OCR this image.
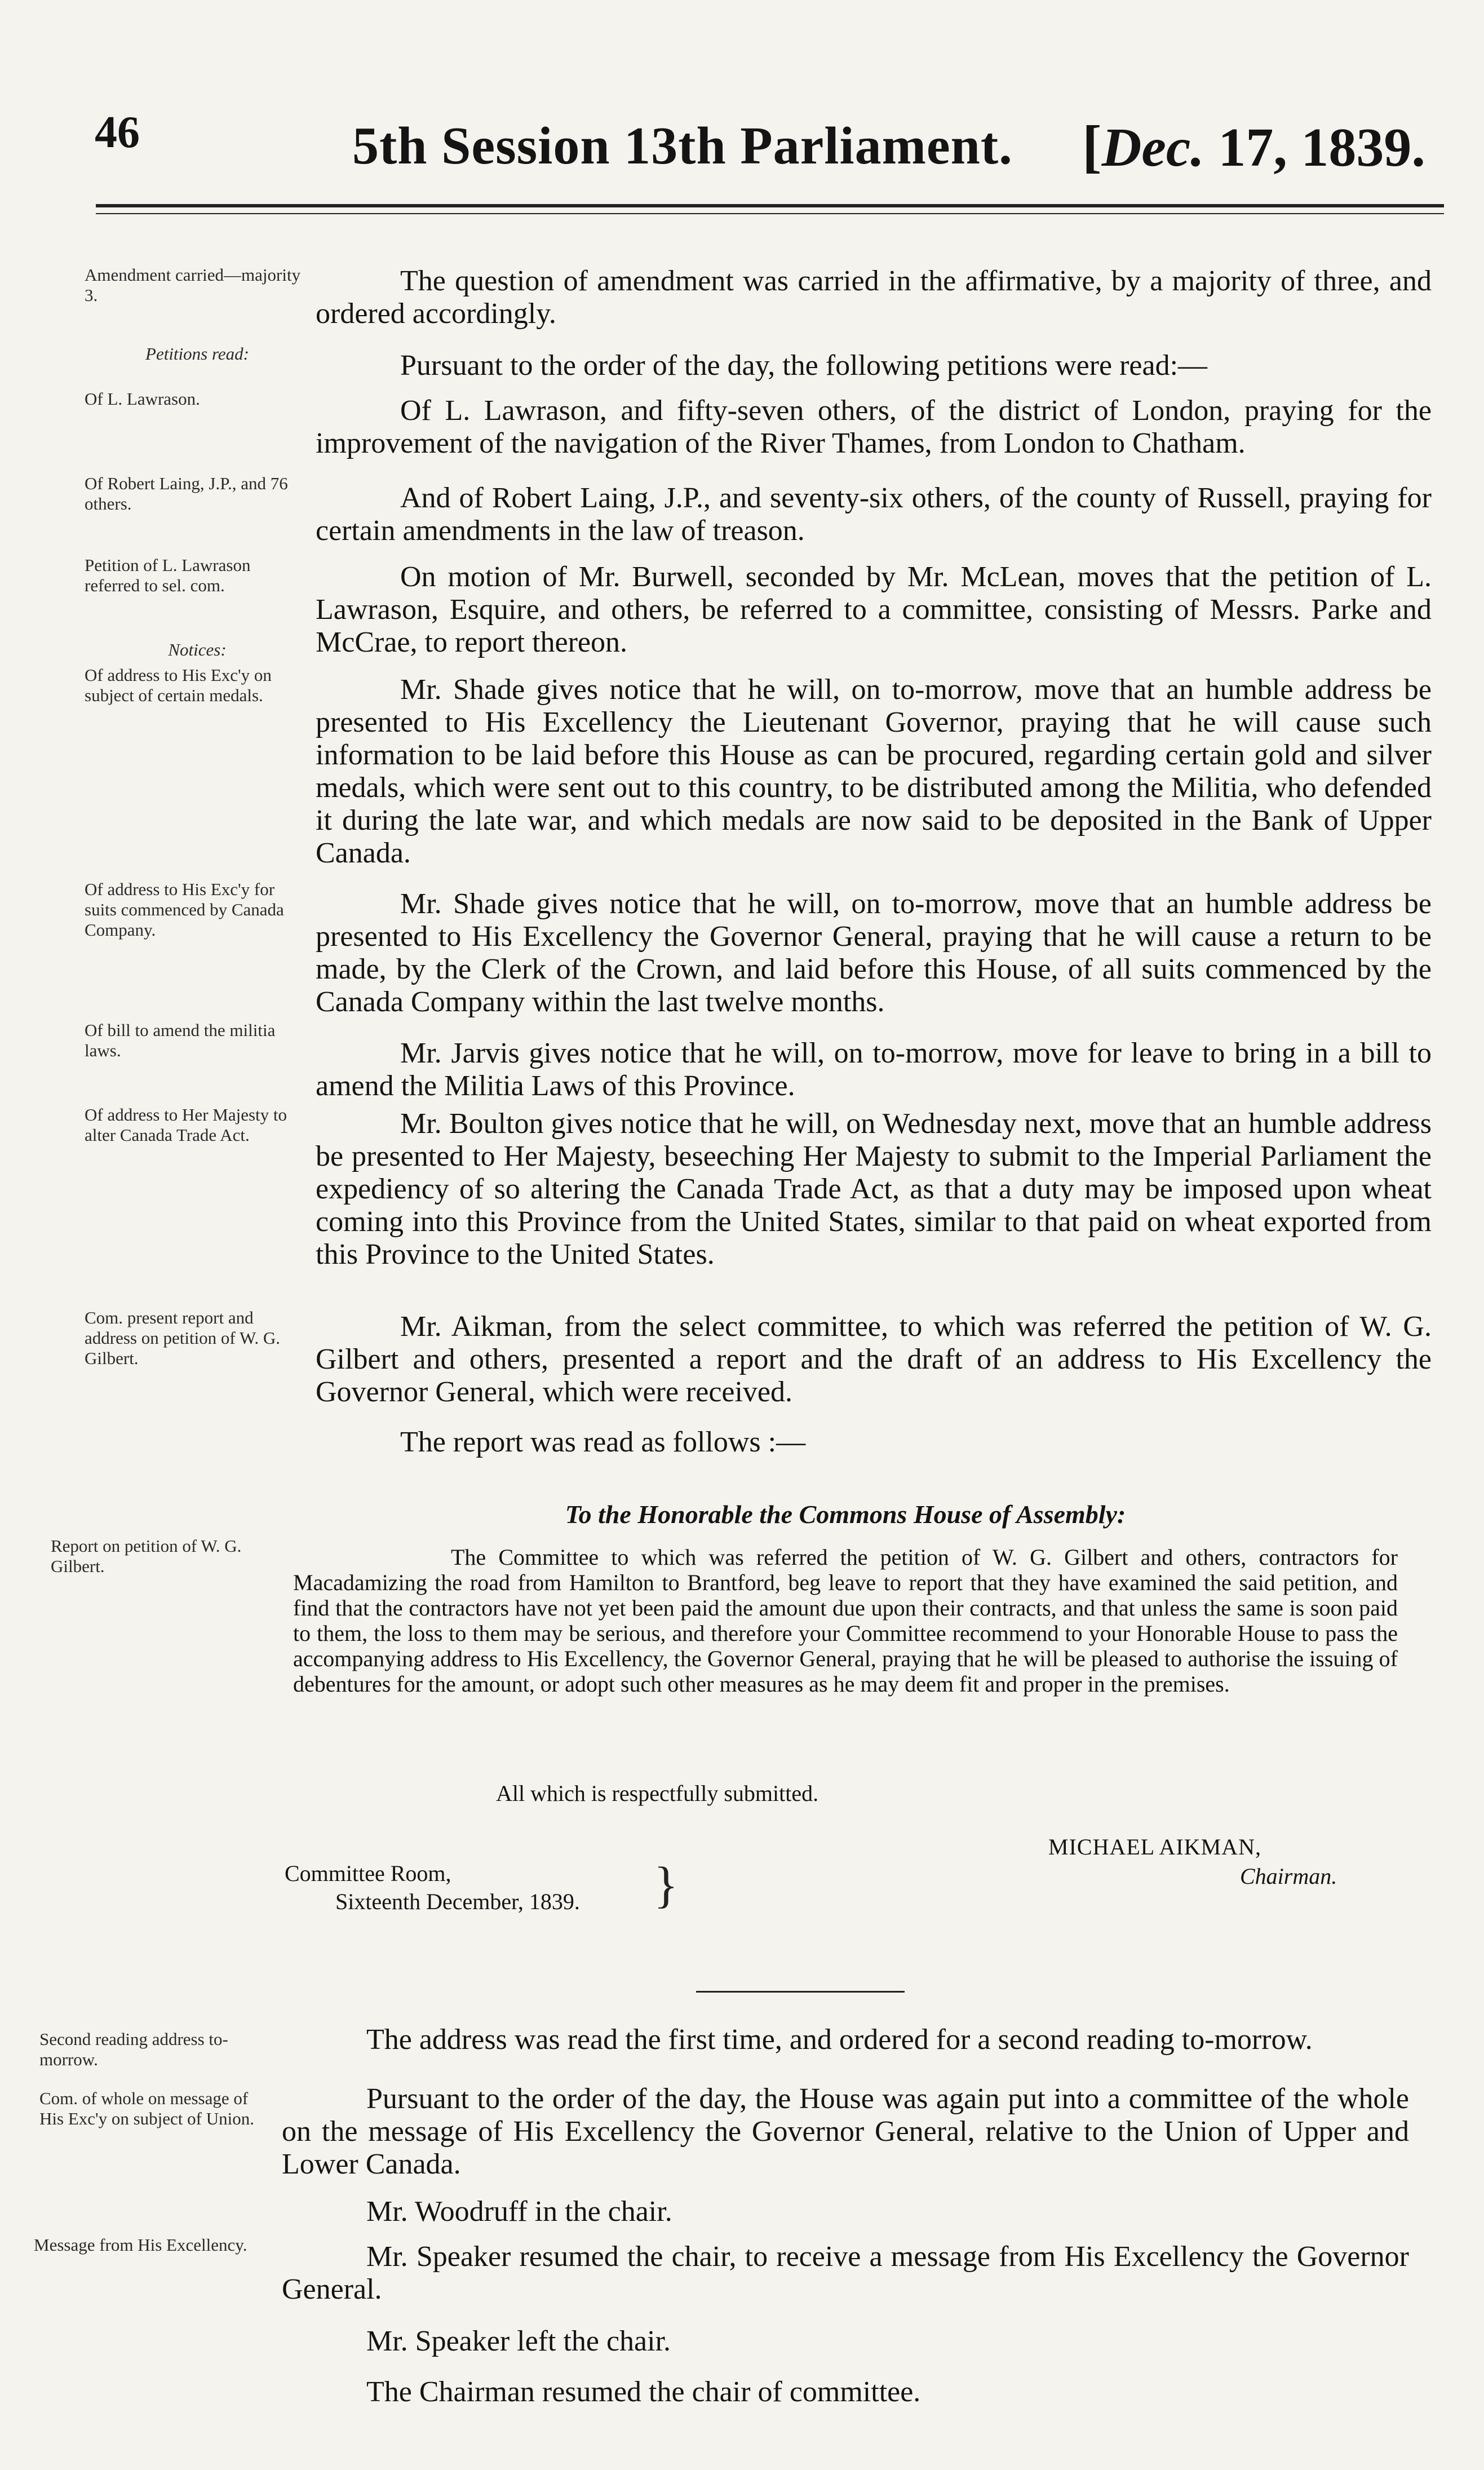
46	5th Session 13th Parliament. [Dec. 17, 1839.
Amendment carried—majority 3.
Petitions read:
Of L. Lawrason.
Of Robert Laing, J.P., and 76 others.
Petition of L. Lawrason referred to sel. com.
Notices:
Of address to His Exc'y on subject of certain medals.
Of address to His Exc'y for suits commenced by Canada Company.
Of bill to amend the militia laws.
Of address to Her Majesty to alter Canada Trade Act.
Com. present report and address on petition of W. G. Gilbert.
Report on petition of W. G. Gilbert.
Second reading address to-morrow.
Com. of whole on message of His Exc'y on subject of Union.
Message from His Excellency.
The question of amendment was carried in the affirmative, by a majority of three, and ordered accordingly.
Pursuant to the order of the day, the following petitions were read:—
Of L. Lawrason, and fifty-seven others, of the district of London, praying for the improvement of the navigation of the River Thames, from London to Chatham.
And of Robert Laing, J.P., and seventy-six others, of the county of Russell, praying for certain amendments in the law of treason.
On motion of Mr. Burwell, seconded by Mr. McLean, moves that the petition of L. Lawrason, Esquire, and others, be referred to a committee, consisting of Messrs. Parke and McCrae, to report thereon.
Mr. Shade gives notice that he will, on to-morrow, move that an humble address be presented to His Excellency the Lieutenant Governor, praying that he will cause such information to be laid before this House as can be procured, regarding certain gold and silver medals, which were sent out to this country, to be distributed among the Militia, who defended it during the late war, and which medals are now said to be deposited in the Bank of Upper Canada.
Mr. Shade gives notice that he will, on to-morrow, move that an humble address be presented to His Excellency the Governor General, praying that he will cause a return to be made, by the Clerk of the Crown, and laid before this House, of all suits commenced by the Canada Company within the last twelve months.
Mr. Jarvis gives notice that he will, on to-morrow, move for leave to bring in a bill to amend the Militia Laws of this Province.
Mr. Boulton gives notice that he will, on Wednesday next, move that an humble address be presented to Her Majesty, beseeching Her Majesty to submit to the Imperial Parliament the expediency of so altering the Canada Trade Act, as that a duty may be imposed upon wheat coming into this Province from the United States, similar to that paid on wheat exported from this Province to the United States.
Mr. Aikman, from the select committee, to which was referred the petition of W. G. Gilbert and others, presented a report and the draft of an address to His Excellency the Governor General, which were received.
The report was read as follows :—
To the Honorable the Commons House of Assembly:
The Committee to which was referred the petition of W. G. Gilbert and others, contractors for Macadamizing the road from Hamilton to Brantford, beg leave to report that they have examined the said petition, and find that the contractors have not yet been paid the amount due upon their contracts, and that unless the same is soon paid to them, the loss to them may be serious, and therefore your Committee recommend to your Honorable House to pass the accompanying address to His Excellency, the Governor General, praying that he will be pleased to authorise the issuing of debentures for the amount, or adopt such other measures as he may deem fit and proper in the premises.
All which is respectfully submitted.
MICHAEL AIKMAN,
Chairman.
Committee Room,
Sixteenth December, 1839. }
The address was read the first time, and ordered for a second reading to-morrow.
Pursuant to the order of the day, the House was again put into a committee of the whole on the message of His Excellency the Governor General, relative to the Union of Upper and Lower Canada.
Mr. Woodruff in the chair.
Mr. Speaker resumed the chair, to receive a message from His Excellency the Governor General.
Mr. Speaker left the chair.
The Chairman resumed the chair of committee.
